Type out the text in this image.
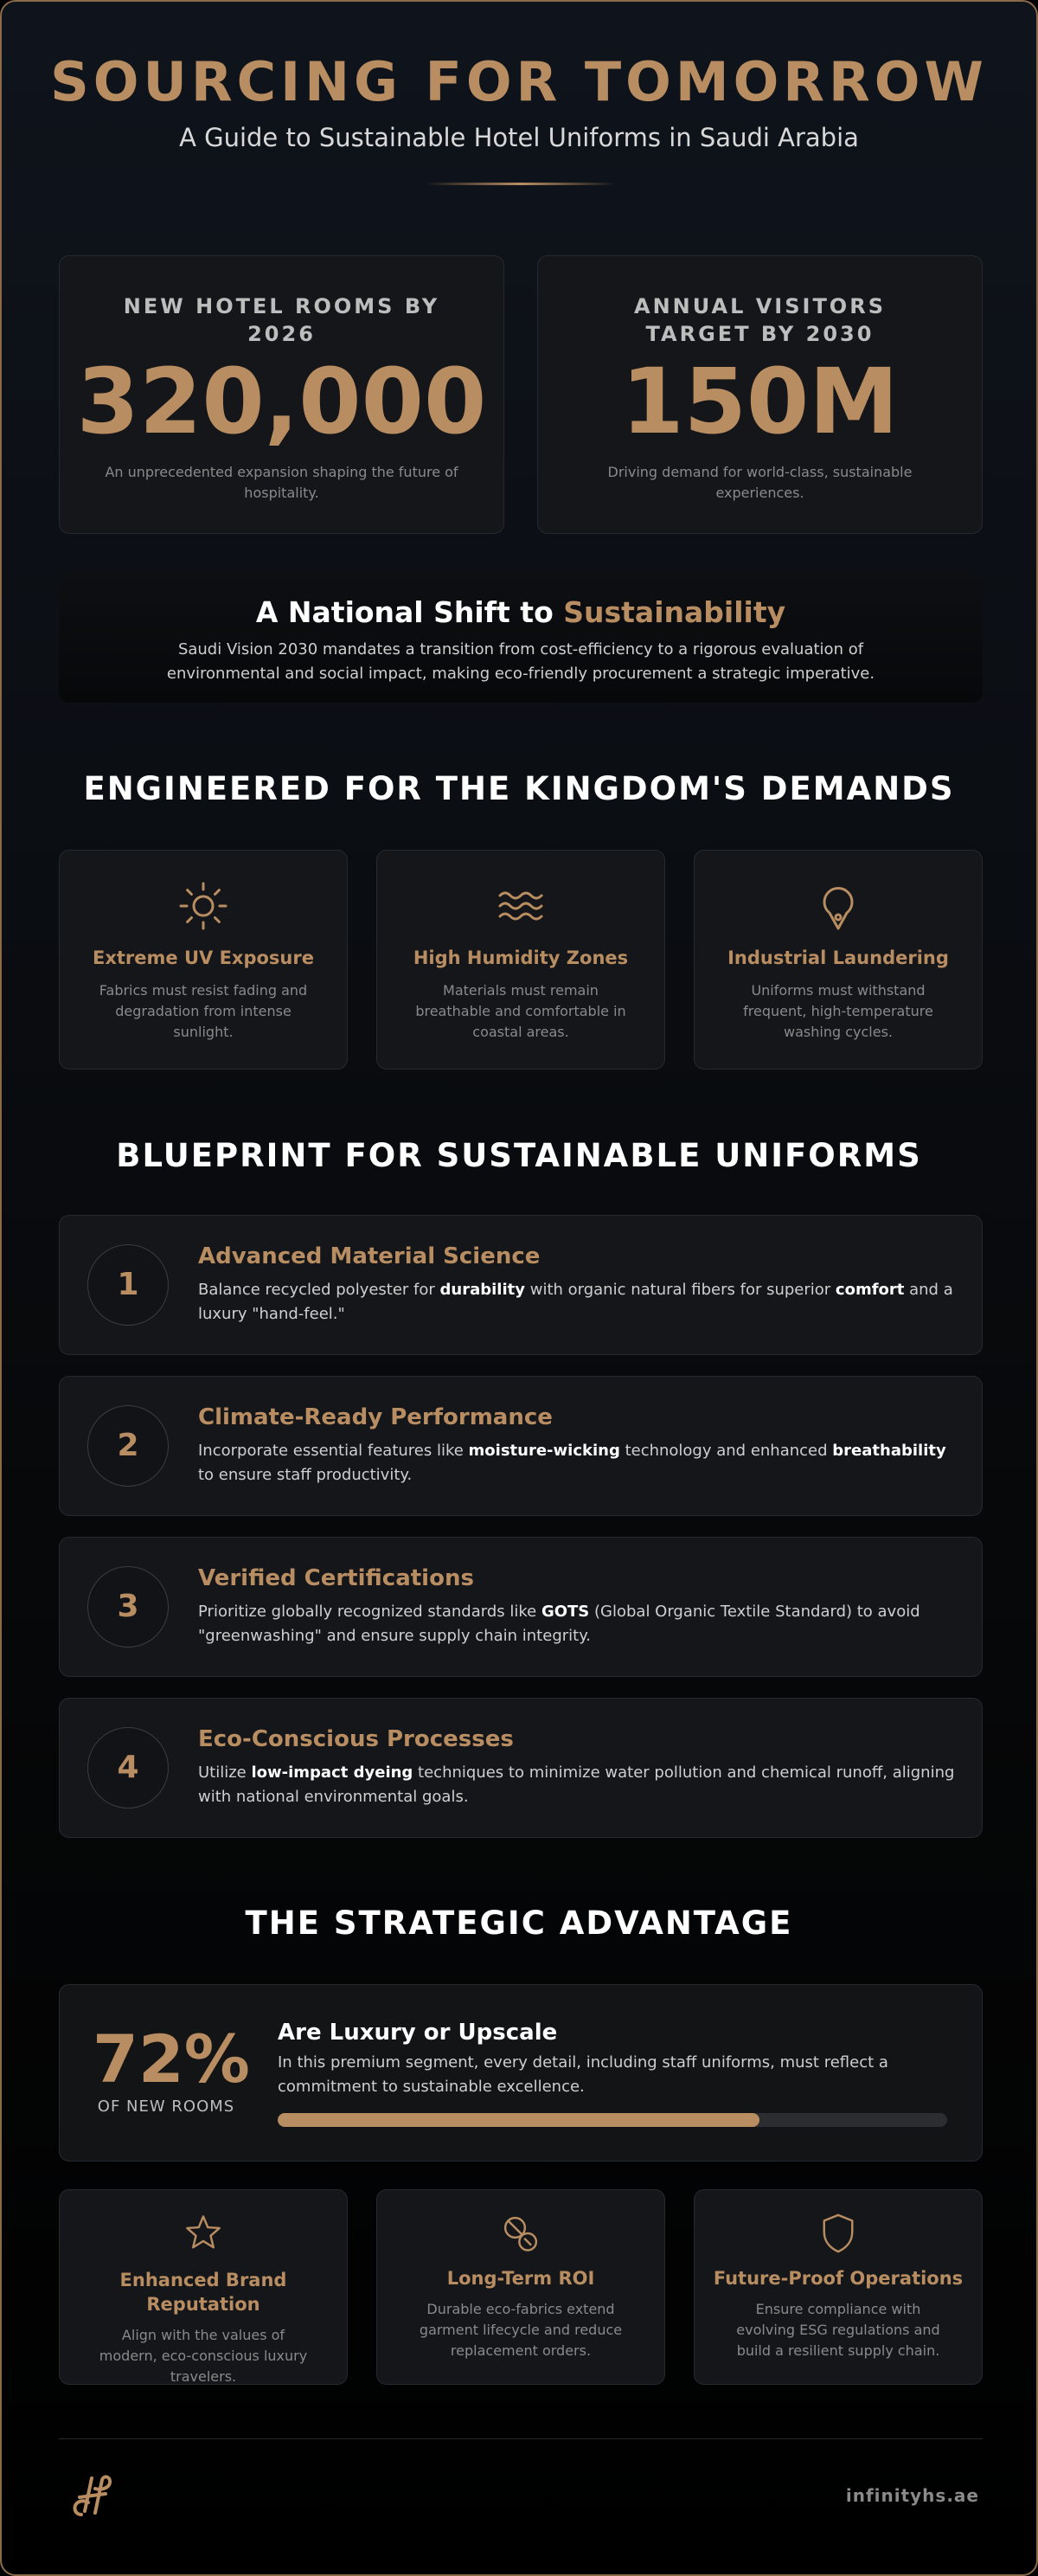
SOURCING FOR TOMORROW
A Guide to Sustainable Hotel Uniforms in Saudi Arabia
NEW HOTEL ROOMS BY 2026
320,000
An unprecedented expansion shaping the future of hospitality.
ANNUAL VISITORS TARGET BY 2030
150M
Driving demand for world-class, sustainable experiences.
A National Shift to Sustainability
Saudi Vision 2030 mandates a transition from cost-efficiency to a rigorous evaluation of environmental and social impact, making eco-friendly procurement a strategic imperative.
ENGINEERED FOR THE KINGDOM'S DEMANDS
Extreme UV Exposure
Fabrics must resist fading and degradation from intense sunlight.
High Humidity Zones
Materials must remain breathable and comfortable in coastal areas.
Industrial Laundering
Uniforms must withstand frequent, high-temperature washing cycles.
BLUEPRINT FOR SUSTAINABLE UNIFORMS
1
Advanced Material Science
Balance recycled polyester for durability with organic natural fibers for superior comfort and a luxury "hand-feel."
2
Climate-Ready Performance
Incorporate essential features like moisture-wicking technology and enhanced breathability to ensure staff productivity.
3
Verified Certifications
Prioritize globally recognized standards like GOTS (Global Organic Textile Standard) to avoid "greenwashing" and ensure supply chain integrity.
4
Eco-Conscious Processes
Utilize low-impact dyeing techniques to minimize water pollution and chemical runoff, aligning with national environmental goals.
THE STRATEGIC ADVANTAGE
72%
OF NEW ROOMS
Are Luxury or Upscale
In this premium segment, every detail, including staff uniforms, must reflect a commitment to sustainable excellence.
Enhanced Brand Reputation
Align with the values of modern, eco-conscious luxury travelers.
Long-Term ROI
Durable eco-fabrics extend garment lifecycle and reduce replacement orders.
Future-Proof Operations
Ensure compliance with evolving ESG regulations and build a resilient supply chain.
infinityhs.ae
